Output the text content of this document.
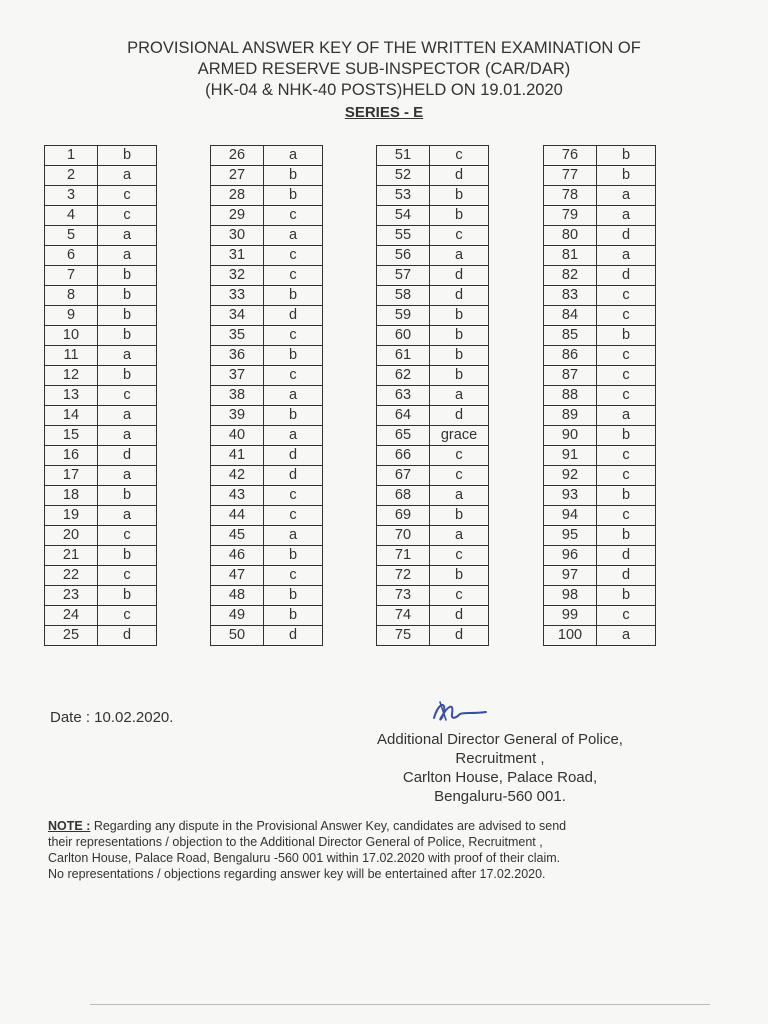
PROVISIONAL ANSWER KEY OF THE WRITTEN EXAMINATION OF
ARMED RESERVE SUB-INSPECTOR (CAR/DAR)
(HK-04 & NHK-40 POSTS)HELD ON 19.01.2020
SERIES - E
1	b
2	a
3	c
4	c
5	a
6	a
7	b
8	b
9	b
10	b
11	a
12	b
13	c
14	a
15	a
16	d
17	a
18	b
19	a
20	c
21	b
22	c
23	b
24	c
25	d
26	a
27	b
28	b
29	c
30	a
31	c
32	c
33	b
34	d
35	c
36	b
37	c
38	a
39	b
40	a
41	d
42	d
43	c
44	c
45	a
46	b
47	c
48	b
49	b
50	d
51	c
52	d
53	b
54	b
55	c
56	a
57	d
58	d
59	b
60	b
61	b
62	b
63	a
64	d
65	grace
66	c
67	c
68	a
69	b
70	a
71	c
72	b
73	c
74	d
75	d
76	b
77	b
78	a
79	a
80	d
81	a
82	d
83	c
84	c
85	b
86	c
87	c
88	c
89	a
90	b
91	c
92	c
93	b
94	c
95	b
96	d
97	d
98	b
99	c
100	a
Date : 10.02.2020.
Additional Director General of Police,
Recruitment ,
Carlton House, Palace Road,
Bengaluru-560 001.
NOTE : Regarding any dispute in the Provisional Answer Key, candidates are advised to send
their representations / objection to the Additional Director General of Police, Recruitment ,
Carlton House, Palace Road, Bengaluru -560 001 within 17.02.2020 with proof of their claim.
No representations / objections regarding answer key will be entertained after 17.02.2020.
